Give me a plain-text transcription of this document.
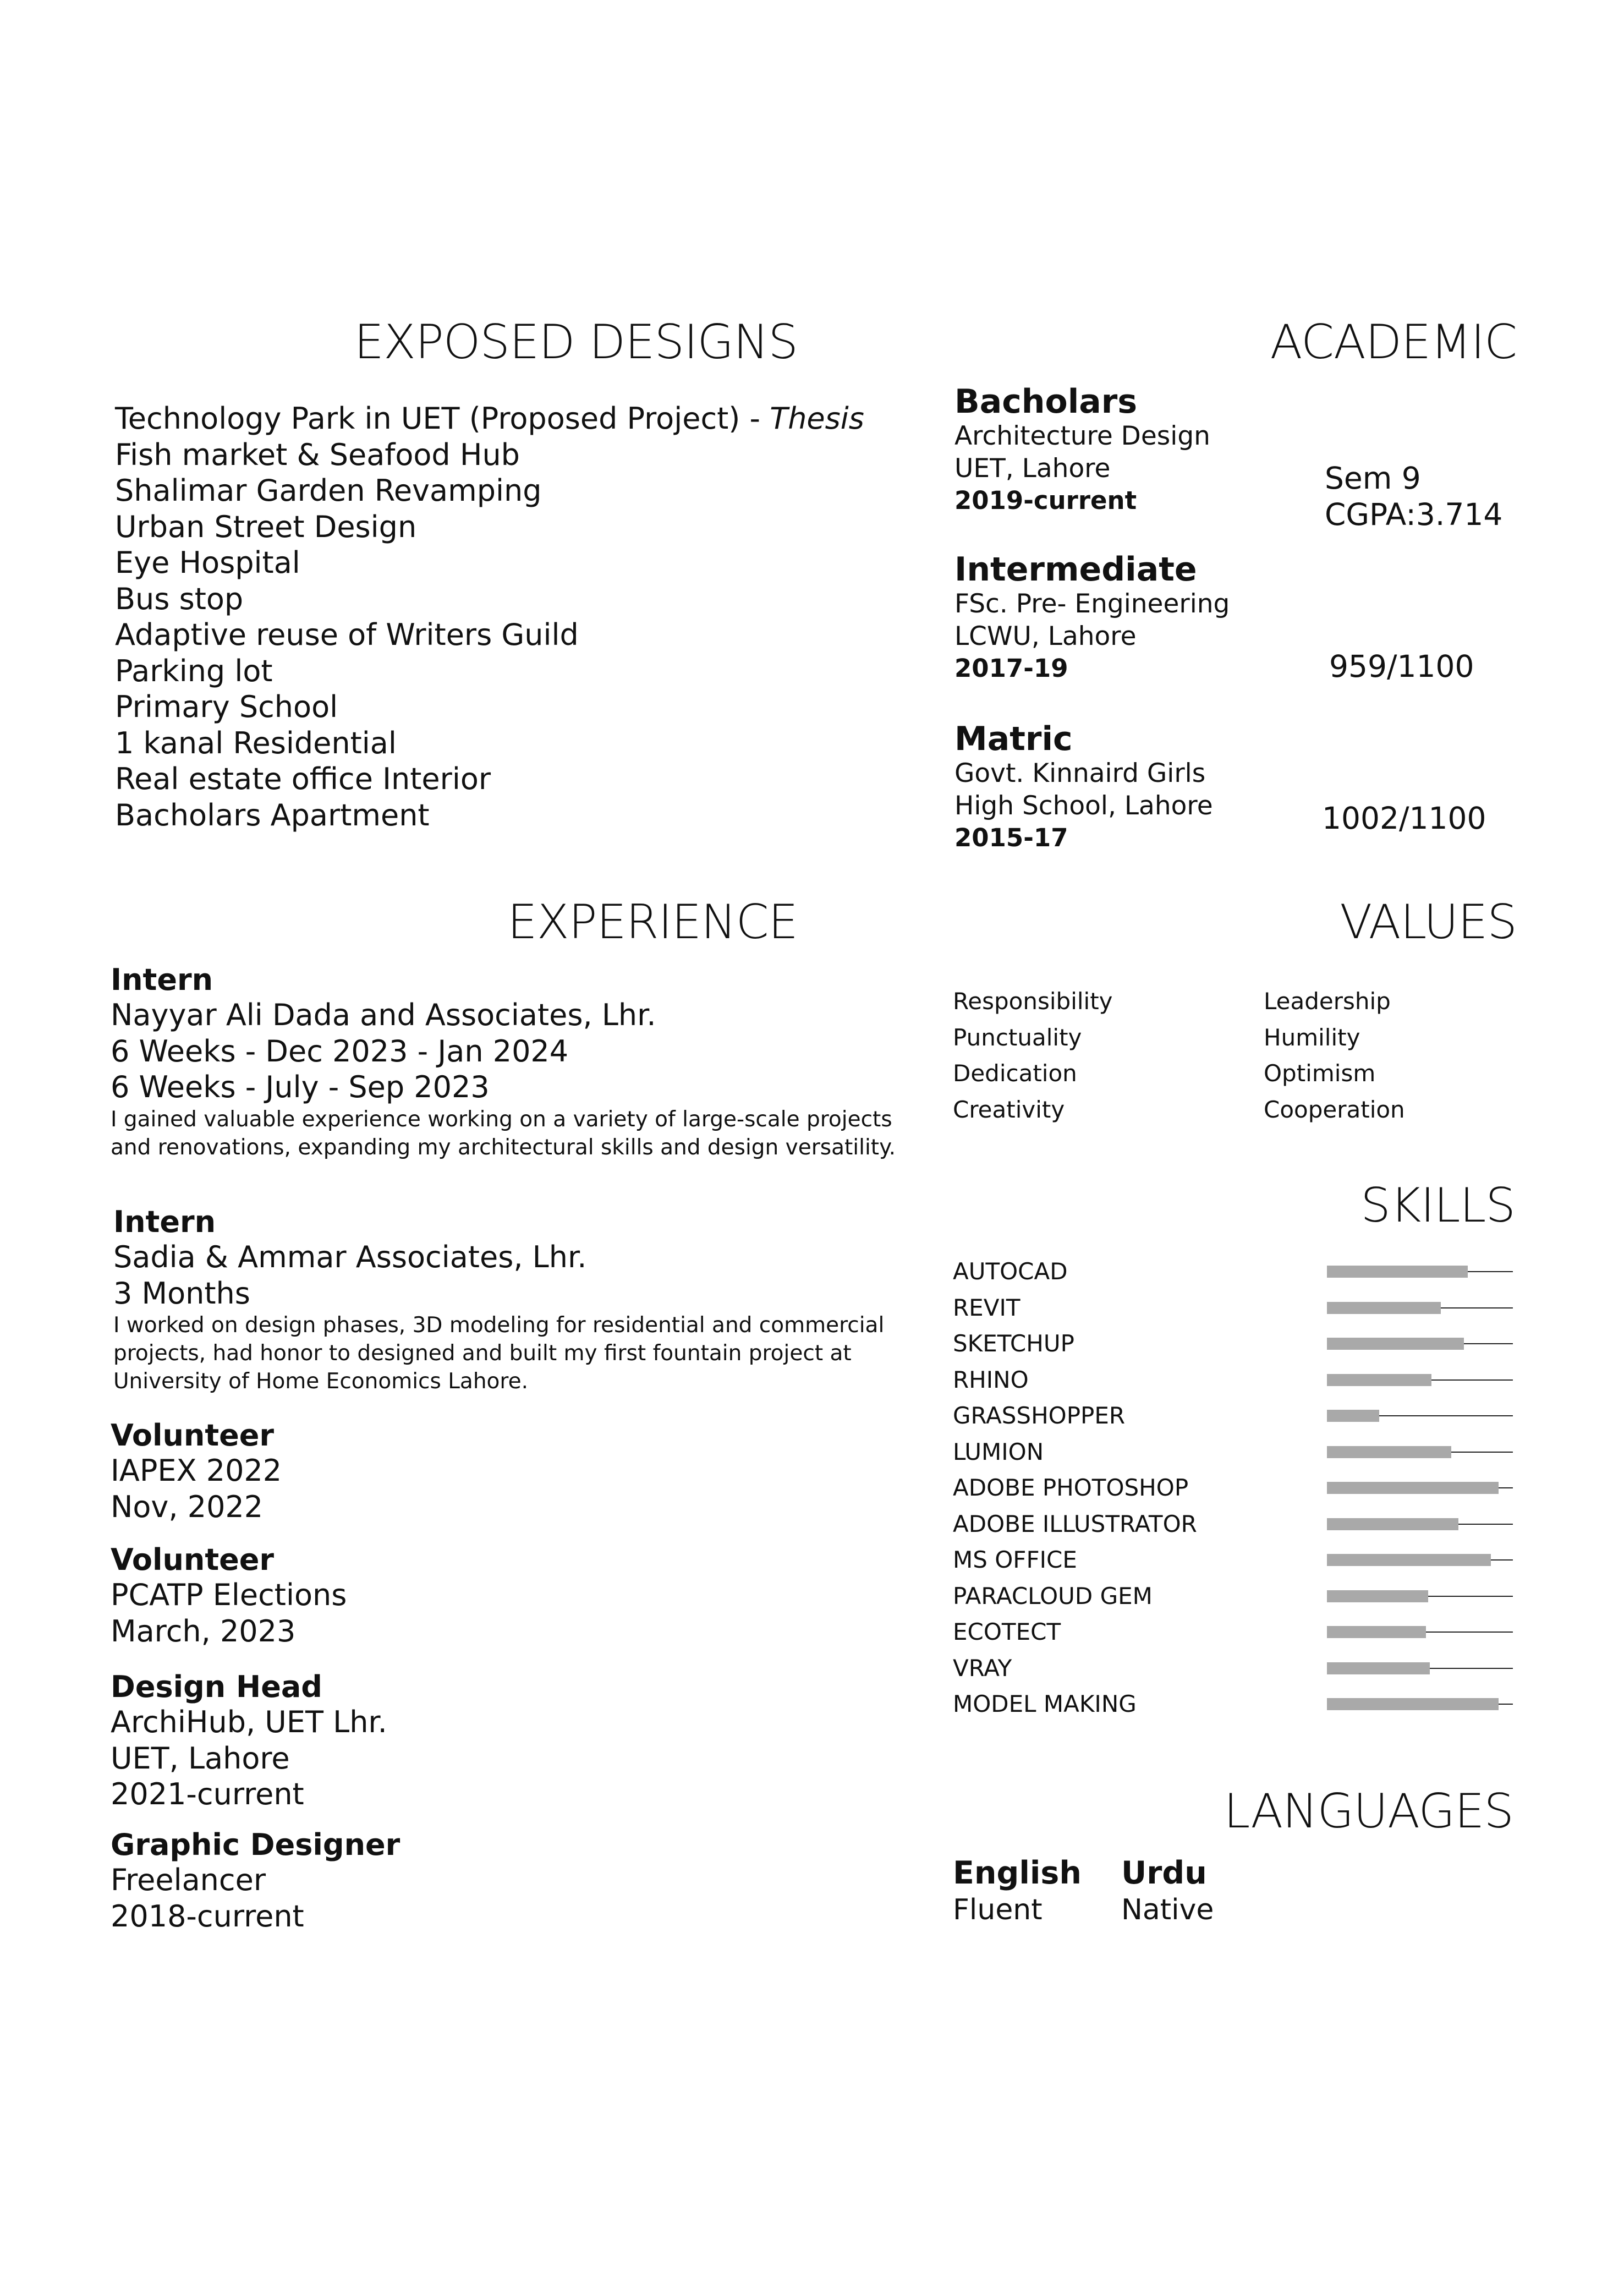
EXPOSED DESIGNS
Technology Park in UET (Proposed Project) - Thesis
Fish market & Seafood Hub
Shalimar Garden Revamping
Urban Street Design
Eye Hospital
Bus stop
Adaptive reuse of Writers Guild
Parking lot
Primary School
1 kanal Residential
Real estate office Interior
Bacholars Apartment
EXPERIENCE
Intern
Nayyar Ali Dada and Associates, Lhr.
6 Weeks - Dec 2023 - Jan 2024
6 Weeks - July - Sep 2023
I gained valuable experience working on a variety of large-scale projects and renovations, expanding my architectural skills and design versatility.
Intern
Sadia & Ammar Associates, Lhr.
3 Months
I worked on design phases, 3D modeling for residential and commercial projects, had honor to designed and built my first fountain project at University of Home Economics Lahore.
Volunteer
IAPEX 2022
Nov, 2022
Volunteer
PCATP Elections
March, 2023
Design Head
ArchiHub, UET Lhr.
UET, Lahore
2021-current
Graphic Designer
Freelancer
2018-current
ACADEMIC
Bacholars
Architecture Design
UET, Lahore
2019-current
Sem 9
CGPA:3.714
Intermediate
FSc. Pre- Engineering
LCWU, Lahore
2017-19	959/1100
Matric
Govt. Kinnaird Girls
High School, Lahore
2015-17
1002/1100
VALUES
Responsibility
Punctuality
Dedication
Creativity
Leadership
Humility
Optimism
Cooperation
SKILLS
AUTOCAD
REVIT
SKETCHUP
RHINO
GRASSHOPPER
LUMION
ADOBE PHOTOSHOP
ADOBE ILLUSTRATOR
MS OFFICE
PARACLOUD GEM
ECOTECT
VRAY
MODEL MAKING
LANGUAGES
English
Fluent
Urdu
Native
